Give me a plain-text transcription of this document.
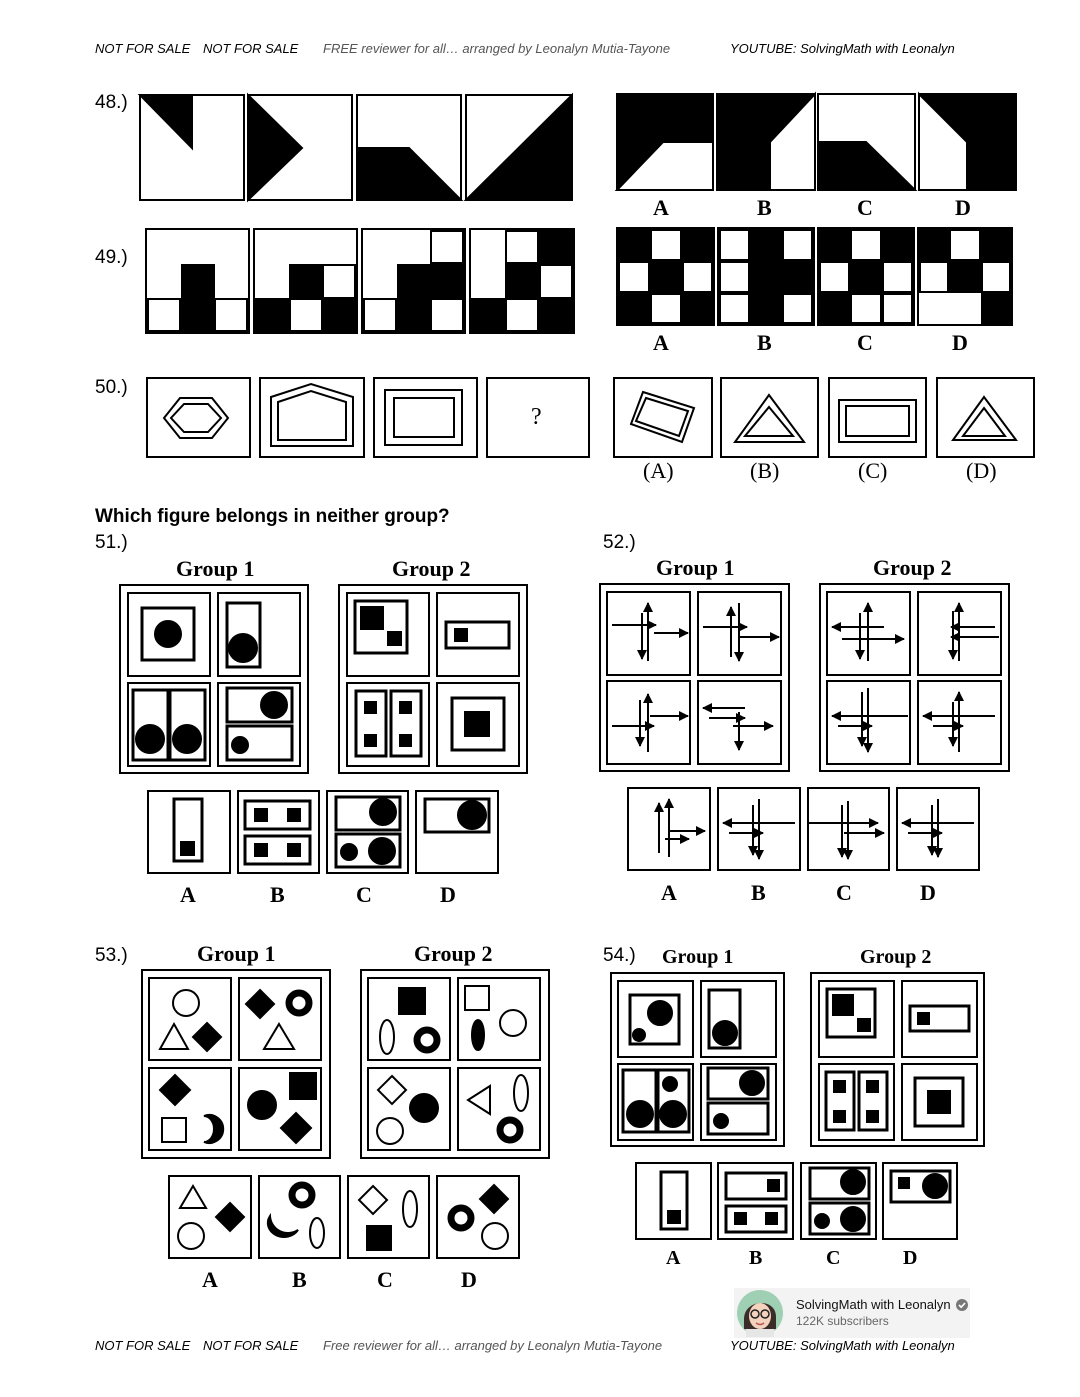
NOT FOR SALE NOT FOR SALE FREE reviewer for all… arranged by Leonalyn Mutia-Tayone	YOUTUBE: SolvingMath with Leonalyn
48.)
49.)
50.)
Which figure belongs in neither group?
51.)	52.)
53.)	54.)
A	B	C	D
A	B	C	D
?
(A)	(B)	(C)	(D)
Group 1	Group 2
A	B	C	D
Group 1	Group 2
A	B	C	D
Group 1	Group 2
A	B	C	D
Group 1	Group 2
A	B	C	D
SolvingMath with Leonalyn
122K subscribers
NOT FOR SALE NOT FOR SALE Free reviewer for all… arranged by Leonalyn Mutia-Tayone	YOUTUBE: SolvingMath with Leonalyn
